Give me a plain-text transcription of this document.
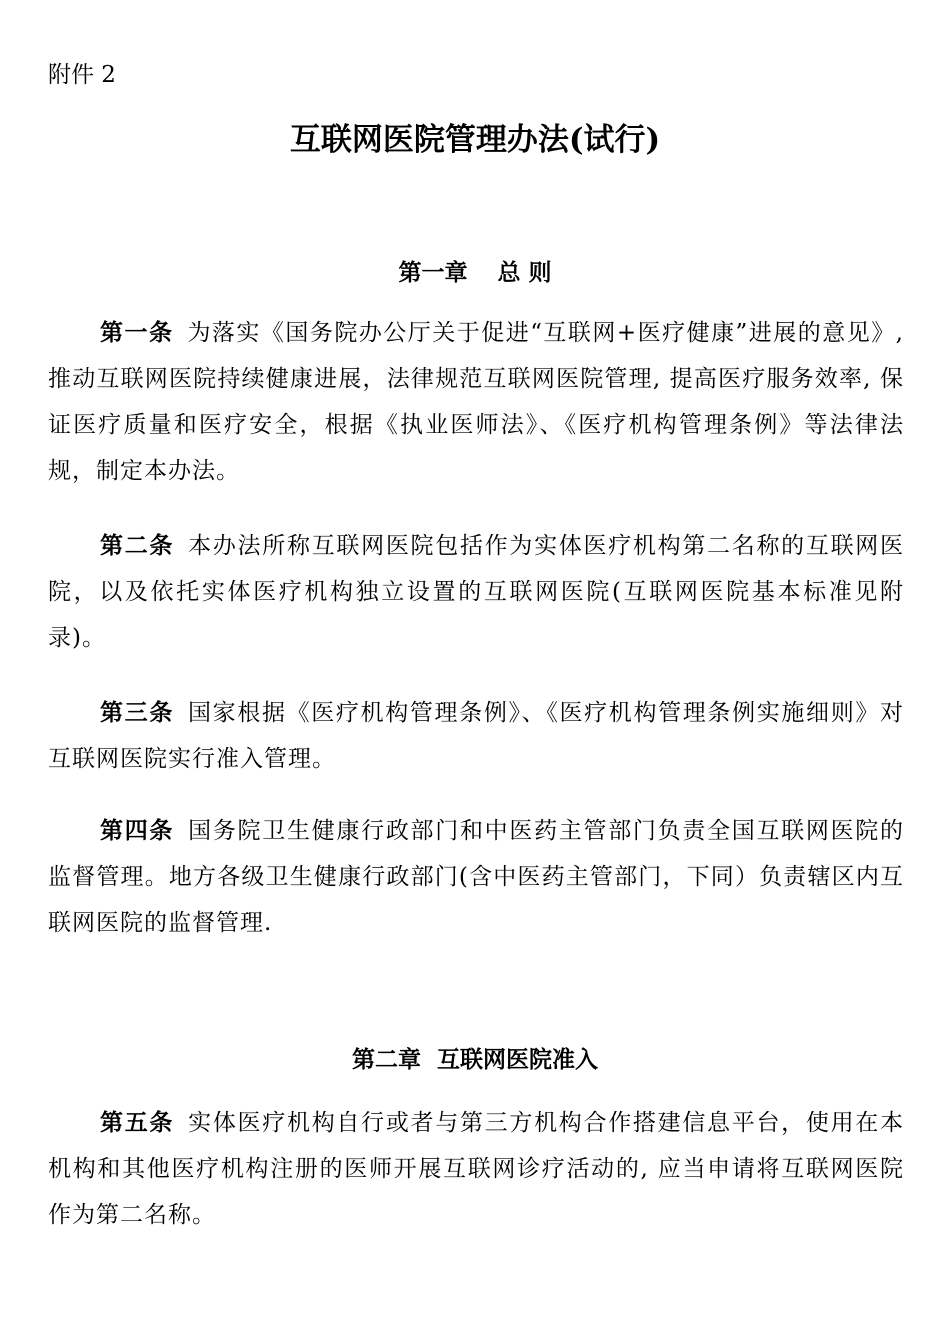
附件 2
互联网医院管理办法(试行)
第一章 总 则
第一条 为落实《国务院办公厅关于促进“互联网+医疗健康”进展的意见》, 推动互联网医院持续健康进展，法律规范互联网医院管理, 提高医疗服务效率, 保证医疗质量和医疗安全，根据《执业医师法》、《医疗机构管理条例》等法律法规，制定本办法。
第二条 本办法所称互联网医院包括作为实体医疗机构第二名称的互联网医院，以及依托实体医疗机构独立设置的互联网医院(互联网医院基本标准见附录)。
第三条 国家根据《医疗机构管理条例》、《医疗机构管理条例实施细则》对互联网医院实行准入管理。
第四条 国务院卫生健康行政部门和中医药主管部门负责全国互联网医院的监督管理。地方各级卫生健康行政部门(含中医药主管部门，下同）负责辖区内互联网医院的监督管理.
第二章 互联网医院准入
第五条 实体医疗机构自行或者与第三方机构合作搭建信息平台，使用在本机构和其他医疗机构注册的医师开展互联网诊疗活动的, 应当申请将互联网医院作为第二名称。
